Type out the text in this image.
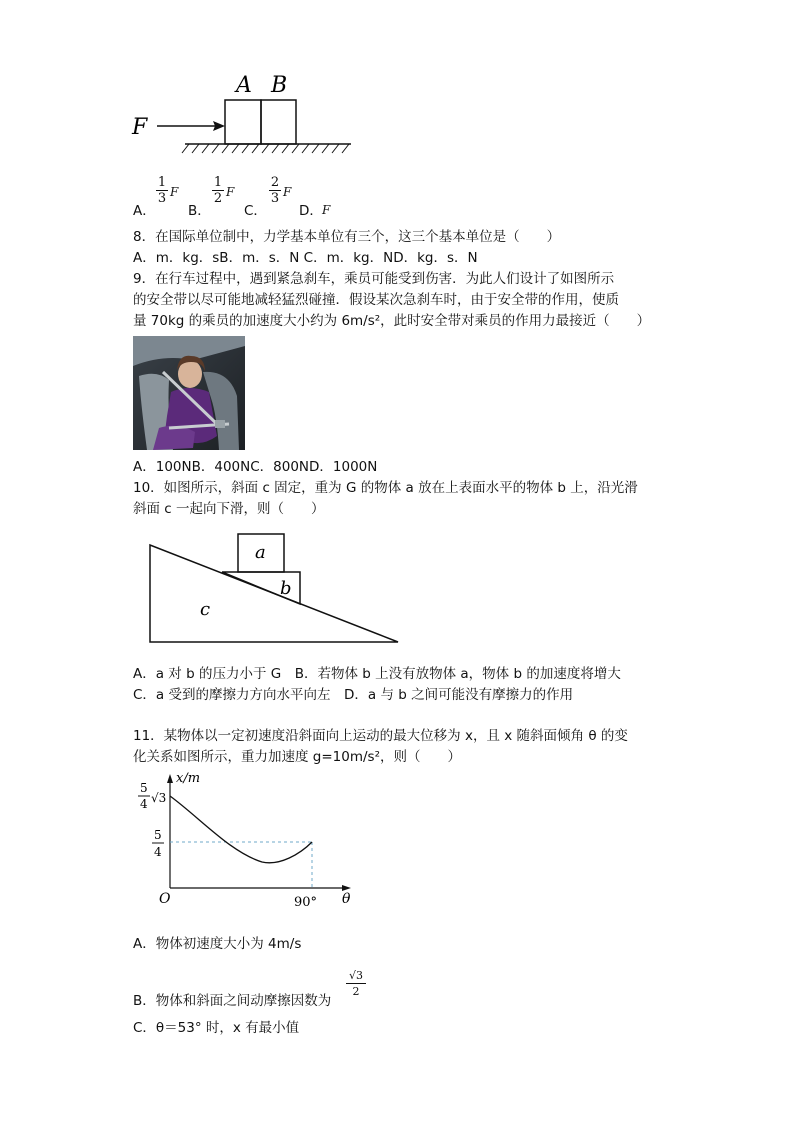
F
A B
A．
$\frac{1}{3}$ F
B．
$\frac{1}{2}$ F
C．
$\frac{2}{3}$ F
D． F
8．在国际单位制中，力学基本单位有三个，这三个基本单位是（　　）
A．m．kg．sB．m．s．N C．m．kg．ND．kg．s．N
9．在行车过程中，遇到紧急刹车，乘员可能受到伤害．为此人们设计了如图所示
的安全带以尽可能地减轻猛烈碰撞．假设某次急刹车时，由于安全带的作用，使质
量 70kg 的乘员的加速度大小约为 6m/s²，此时安全带对乘员的作用力最接近（　　）
A．100NB．400NC．800ND．1000N
10．如图所示，斜面 c 固定，重为 G 的物体 a 放在上表面水平的物体 b 上，沿光滑
斜面 c 一起向下滑，则（　　）
a
b
c
A．a 对 b 的压力小于 G　B．若物体 b 上没有放物体 a，物体 b 的加速度将增大
C．a 受到的摩擦力方向水平向左　D．a 与 b 之间可能没有摩擦力的作用
11．某物体以一定初速度沿斜面向上运动的最大位移为 x，且 x 随斜面倾角 θ 的变
化关系如图所示，重力加速度 g=10m/s²，则（　　）
x/m
θ
O	90°
5
4 √3
5
4
A．物体初速度大小为 4m/s
B．物体和斜面之间动摩擦因数为
$\frac{√3}{2}$
C．θ＝53° 时，x 有最小值
